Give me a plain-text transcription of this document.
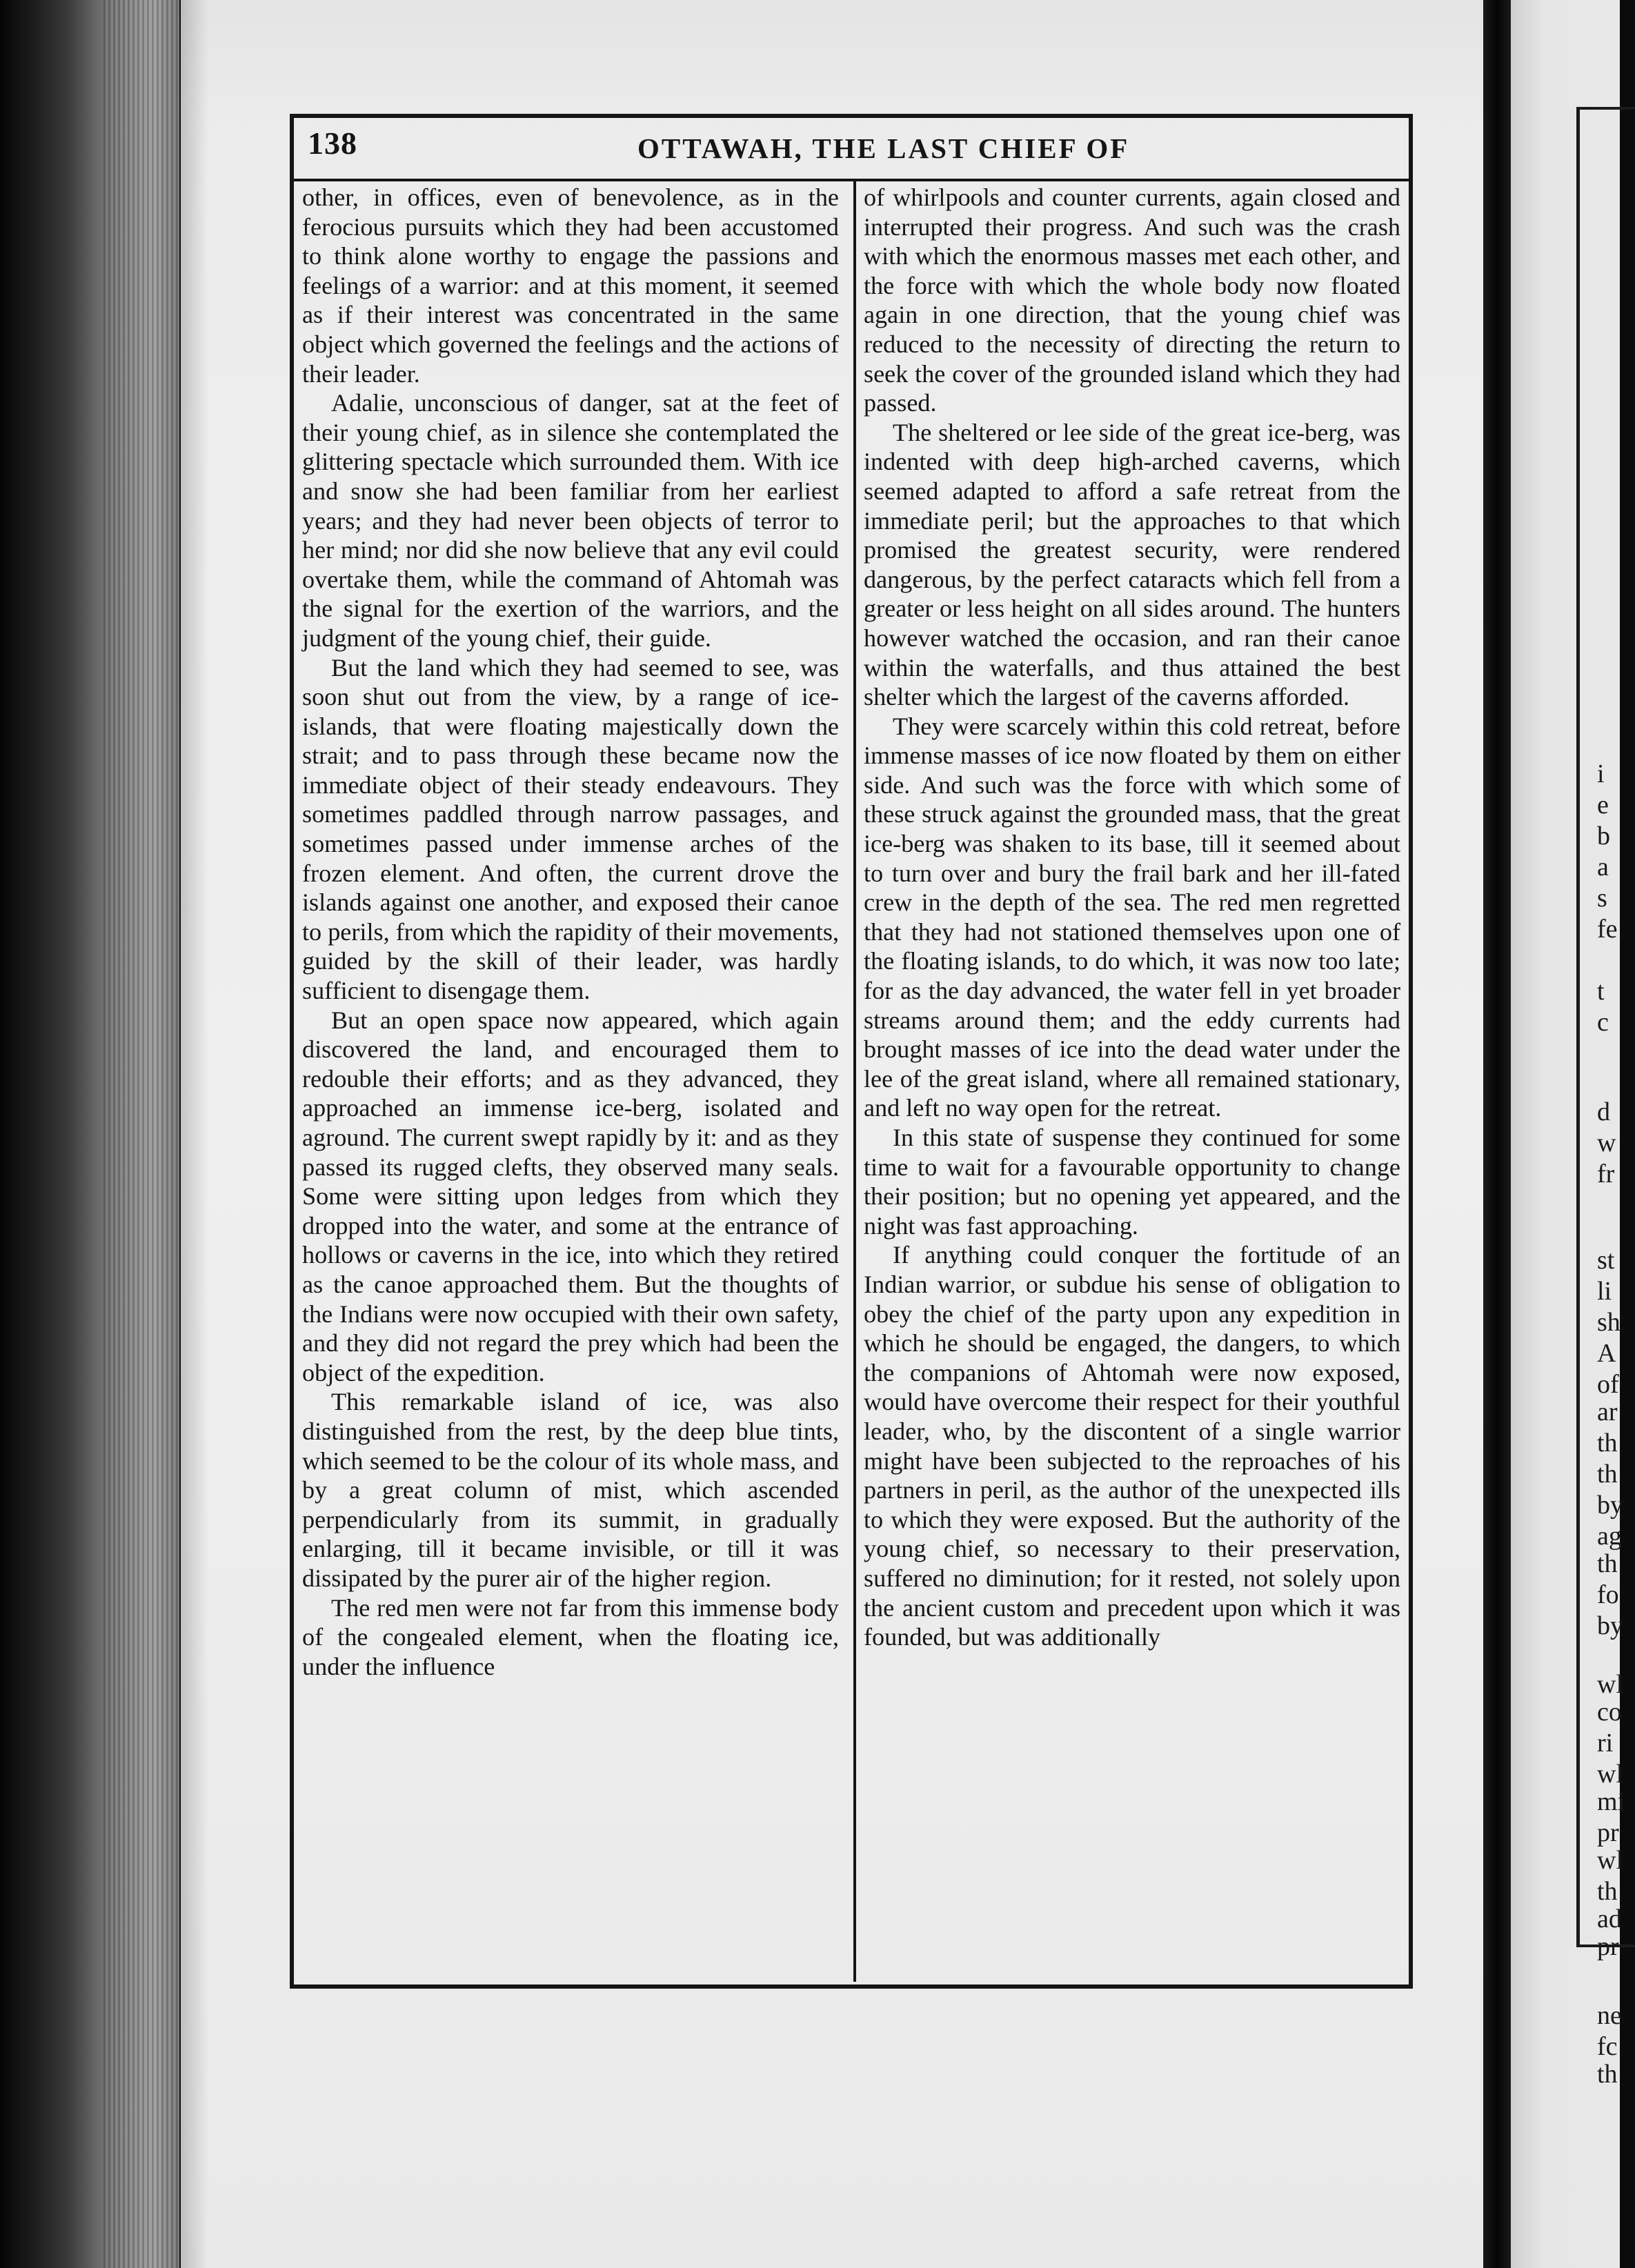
i
e
b
a
s
fe
t
c
d
w
fr
st
li
sh
A
of
ar
th
th
by
ag
th
fo
by
wl
co
ri
wl
mi
pr
wl
th
ad
pr
ne
fc
th
138	OTTAWAH, THE LAST CHIEF OF

other, in offices, even of benevolence, as in the ferocious pursuits which they had been accustomed to think alone worthy to engage the passions and feelings of a warrior: and at this moment, it seemed as if their interest was concentrated in the same object which governed the feelings and the actions of their leader.

Adalie, unconscious of danger, sat at the feet of their young chief, as in silence she contemplated the glittering spectacle which surrounded them. With ice and snow she had been familiar from her earliest years; and they had never been objects of terror to her mind; nor did she now believe that any evil could overtake them, while the command of Ahtomah was the signal for the exertion of the warriors, and the judgment of the young chief, their guide.

But the land which they had seemed to see, was soon shut out from the view, by a range of ice-islands, that were floating majestically down the strait; and to pass through these became now the immediate object of their steady endeavours. They sometimes paddled through narrow passages, and sometimes passed under immense arches of the frozen element. And often, the current drove the islands against one another, and exposed their canoe to perils, from which the rapidity of their movements, guided by the skill of their leader, was hardly sufficient to disengage them.

But an open space now appeared, which again discovered the land, and encouraged them to redouble their efforts; and as they advanced, they approached an immense ice-berg, isolated and aground. The current swept rapidly by it: and as they passed its rugged clefts, they observed many seals. Some were sitting upon ledges from which they dropped into the water, and some at the entrance of hollows or caverns in the ice, into which they retired as the canoe approached them. But the thoughts of the Indians were now occupied with their own safety, and they did not regard the prey which had been the object of the expedition.

This remarkable island of ice, was also distinguished from the rest, by the deep blue tints, which seemed to be the colour of its whole mass, and by a great column of mist, which ascended perpendicularly from its summit, in gradually enlarging, till it became invisible, or till it was dissipated by the purer air of the higher region.

The red men were not far from this immense body of the congealed element, when the floating ice, under the influence

of whirlpools and counter currents, again closed and interrupted their progress. And such was the crash with which the enormous masses met each other, and the force with which the whole body now floated again in one direction, that the young chief was reduced to the necessity of directing the return to seek the cover of the grounded island which they had passed.

The sheltered or lee side of the great ice-berg, was indented with deep high-arched caverns, which seemed adapted to afford a safe retreat from the immediate peril; but the approaches to that which promised the greatest security, were rendered dangerous, by the perfect cataracts which fell from a greater or less height on all sides around. The hunters however watched the occasion, and ran their canoe within the waterfalls, and thus attained the best shelter which the largest of the caverns afforded.

They were scarcely within this cold retreat, before immense masses of ice now floated by them on either side. And such was the force with which some of these struck against the grounded mass, that the great ice-berg was shaken to its base, till it seemed about to turn over and bury the frail bark and her ill-fated crew in the depth of the sea. The red men regretted that they had not stationed themselves upon one of the floating islands, to do which, it was now too late; for as the day advanced, the water fell in yet broader streams around them; and the eddy currents had brought masses of ice into the dead water under the lee of the great island, where all remained stationary, and left no way open for the retreat.

In this state of suspense they continued for some time to wait for a favourable opportunity to change their position; but no opening yet appeared, and the night was fast approaching.

If anything could conquer the fortitude of an Indian warrior, or subdue his sense of obligation to obey the chief of the party upon any expedition in which he should be engaged, the dangers, to which the companions of Ahtomah were now exposed, would have overcome their respect for their youthful leader, who, by the discontent of a single warrior might have been subjected to the reproaches of his partners in peril, as the author of the unexpected ills to which they were exposed. But the authority of the young chief, so necessary to their preservation, suffered no diminution; for it rested, not solely upon the ancient custom and precedent upon which it was founded, but was additionally
